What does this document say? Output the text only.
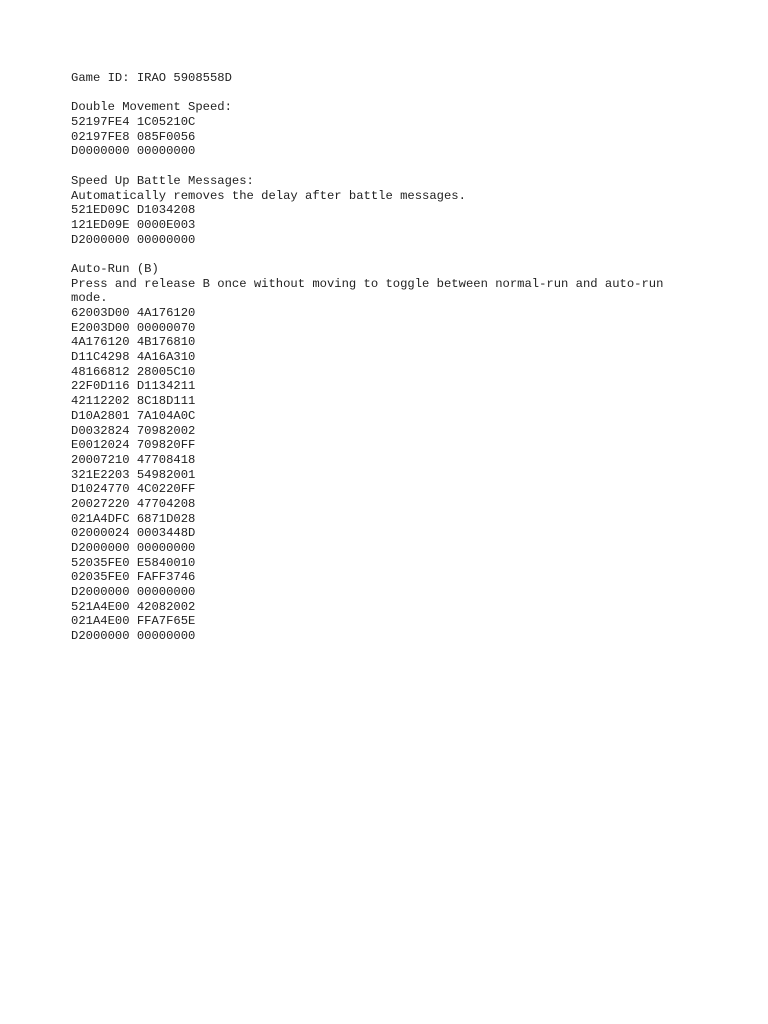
Game ID: IRAO 5908558D
Double Movement Speed:
52197FE4 1C05210C
02197FE8 085F0056
D0000000 00000000
Speed Up Battle Messages:
Automatically removes the delay after battle messages.
521ED09C D1034208
121ED09E 0000E003
D2000000 00000000
Auto-Run (B)
Press and release B once without moving to toggle between normal-run and auto-run
mode.
62003D00 4A176120
E2003D00 00000070
4A176120 4B176810
D11C4298 4A16A310
48166812 28005C10
22F0D116 D1134211
42112202 8C18D111
D10A2801 7A104A0C
D0032824 70982002
E0012024 709820FF
20007210 47708418
321E2203 54982001
D1024770 4C0220FF
20027220 47704208
021A4DFC 6871D028
02000024 0003448D
D2000000 00000000
52035FE0 E5840010
02035FE0 FAFF3746
D2000000 00000000
521A4E00 42082002
021A4E00 FFA7F65E
D2000000 00000000
